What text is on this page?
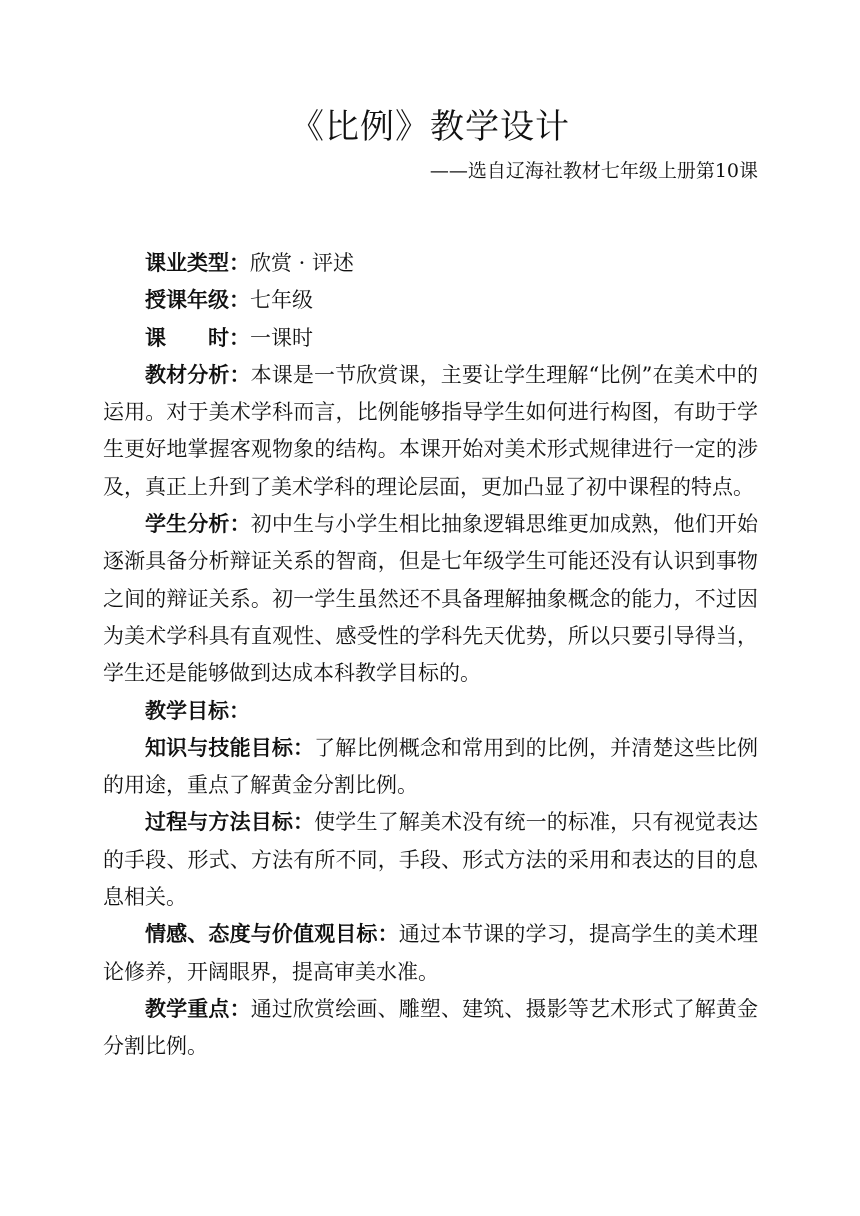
《比例》教学设计
——选自辽海社教材七年级上册第10课

课业类型：欣赏 · 评述

授课年级：七年级

课　　时：一课时

教材分析：本课是一节欣赏课，主要让学生理解“比例”在美术中的运用。对于美术学科而言，比例能够指导学生如何进行构图，有助于学生更好地掌握客观物象的结构。本课开始对美术形式规律进行一定的涉及，真正上升到了美术学科的理论层面，更加凸显了初中课程的特点。

学生分析：初中生与小学生相比抽象逻辑思维更加成熟，他们开始逐渐具备分析辩证关系的智商，但是七年级学生可能还没有认识到事物之间的辩证关系。初一学生虽然还不具备理解抽象概念的能力，不过因为美术学科具有直观性、感受性的学科先天优势，所以只要引导得当，学生还是能够做到达成本科教学目标的。

教学目标：

知识与技能目标：了解比例概念和常用到的比例，并清楚这些比例的用途，重点了解黄金分割比例。

过程与方法目标：使学生了解美术没有统一的标准，只有视觉表达的手段、形式、方法有所不同，手段、形式方法的采用和表达的目的息息相关。

情感、态度与价值观目标：通过本节课的学习，提高学生的美术理论修养，开阔眼界，提高审美水准。

教学重点：通过欣赏绘画、雕塑、建筑、摄影等艺术形式了解黄金分割比例。
